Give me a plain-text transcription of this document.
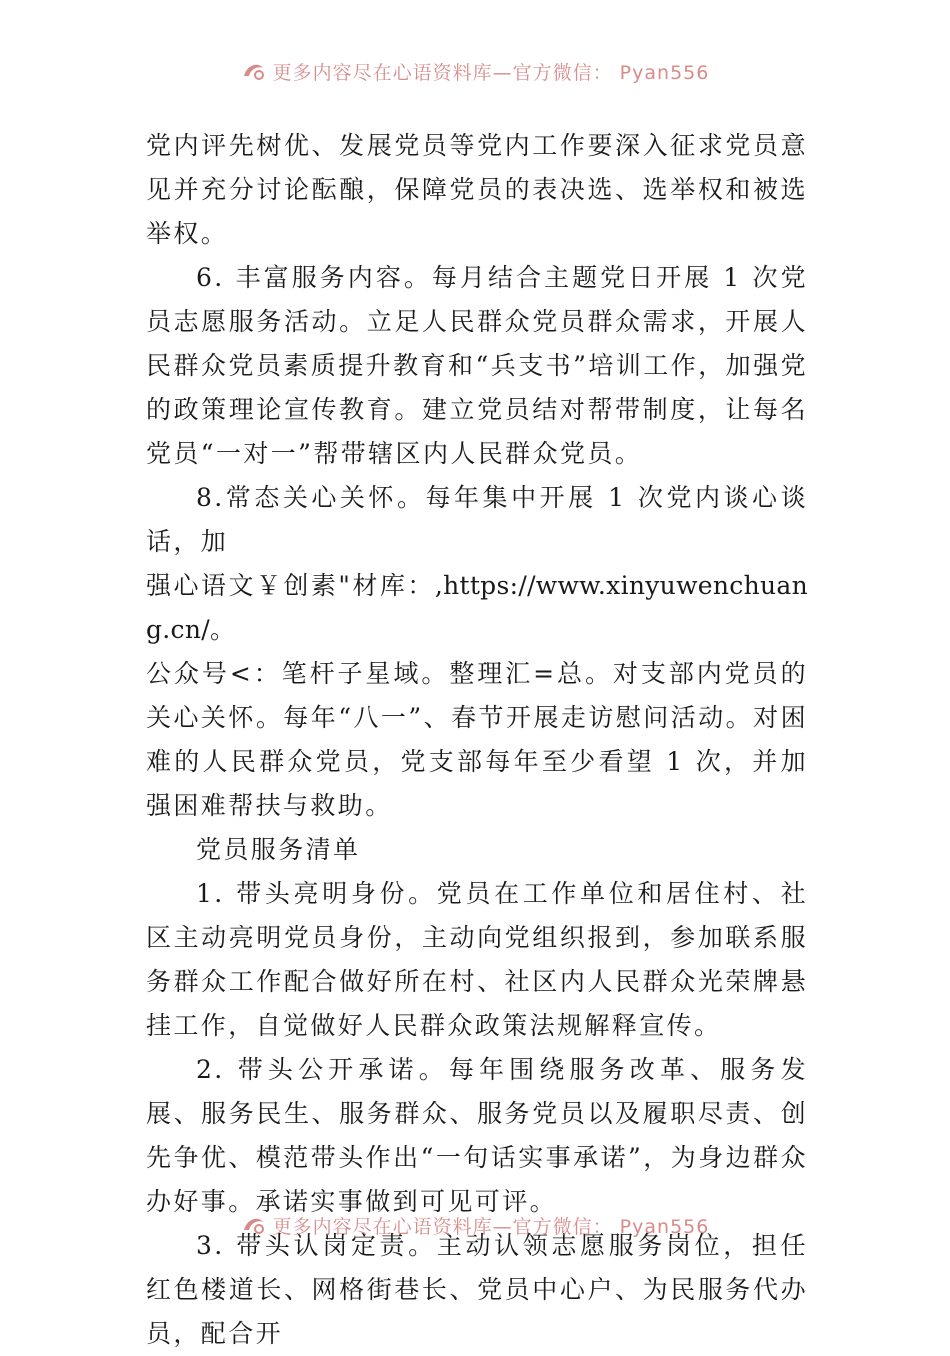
更多内容尽在心语资料库—官方微信： Pyan556

党内评先树优、发展党员等党内工作要深入征求党员意见并充分讨论酝酿，保障党员的表决选、选举权和被选举权。

6. 丰富服务内容。每月结合主题党日开展 1 次党员志愿服务活动。立足人民群众党员群众需求，开展人民群众党员素质提升教育和“兵支书”培训工作，加强党的政策理论宣传教育。建立党员结对帮带制度，让每名党员“一对一”帮带辖区内人民群众党员。

8.常态关心关怀。每年集中开展 1 次党内谈心谈话，加

强心语文￥创素"材库：,https://www.xinyuwenchuang.cn/。

公众号<：笔杆子星域。整理汇=总。对支部内党员的关心关怀。每年“八一”、春节开展走访慰问活动。对困难的人民群众党员，党支部每年至少看望 1 次，并加强困难帮扶与救助。

党员服务清单

1. 带头亮明身份。党员在工作单位和居住村、社区主动亮明党员身份，主动向党组织报到，参加联系服务群众工作配合做好所在村、社区内人民群众光荣牌悬挂工作，自觉做好人民群众政策法规解释宣传。

2. 带头公开承诺。每年围绕服务改革、服务发展、服务民生、服务群众、服务党员以及履职尽责、创先争优、模范带头作出“一句话实事承诺”，为身边群众办好事。承诺实事做到可见可评。

3. 带头认岗定责。主动认领志愿服务岗位，担任红色楼道长、网格街巷长、党员中心户、为民服务代办员，配合开

更多内容尽在心语资料库—官方微信： Pyan556
